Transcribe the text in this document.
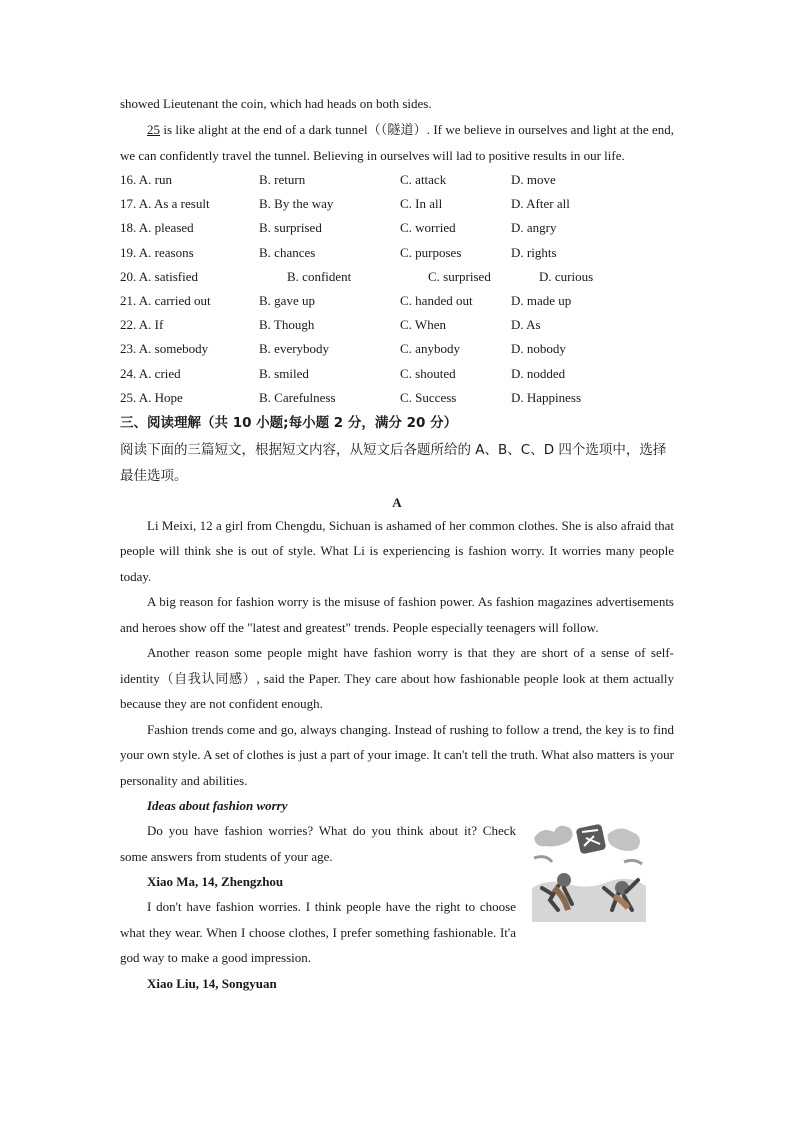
showed Lieutenant the coin, which had heads on both sides.

25 is like alight at the end of a dark tunnel（（隧道）. If we believe in ourselves and light at the end, we can confidently travel the tunnel. Believing in ourselves will lad to positive results in our life.

16. A. run	B. return	C. attack	D. move
17. A. As a result	B. By the way	C. In all	D. After all
18. A. pleased	B. surprised	C. worried	D. angry
19. A. reasons	B. chances	C. purposes	D. rights
20. A. satisfied	B. confident	C. surprised	D. curious
21. A. carried out	B. gave up	C. handed out	D. made up
22. A. If	B. Though	C. When	D. As
23. A. somebody	B. everybody	C. anybody	D. nobody
24. A. cried	B. smiled	C. shouted	D. nodded
25. A. Hope	B. Carefulness	C. Success	D. Happiness
三、阅读理解（共 10 小题;每小题 2 分，满分 20 分）

阅读下面的三篇短文，根据短文内容，从短文后各题所给的 A、B、C、D 四个选项中，选择最佳选项。

A

Li Meixi, 12 a girl from Chengdu, Sichuan is ashamed of her common clothes. She is also afraid that people will think she is out of style. What Li is experiencing is fashion worry. It worries many people today.

A big reason for fashion worry is the misuse of fashion power. As fashion magazines advertisements and heroes show off the "latest and greatest" trends. People especially teenagers will follow.

Another reason some people might have fashion worry is that they are short of a sense of self-identity（自我认同感）, said the Paper. They care about how fashionable people look at them actually because they are not confident enough.

Fashion trends come and go, always changing. Instead of rushing to follow a trend, the key is to find your own style. A set of clothes is just a part of your image. It can't tell the truth. What also matters is your personality and abilities.

Ideas about fashion worry

Do you have fashion worries? What do you think about it? Check some answers from students of your age.

Xiao Ma, 14, Zhengzhou

I don't have fashion worries. I think people have the right to choose what they wear. When I choose clothes, I prefer something fashionable. It'a god way to make a good impression.

Xiao Liu, 14, Songyuan
